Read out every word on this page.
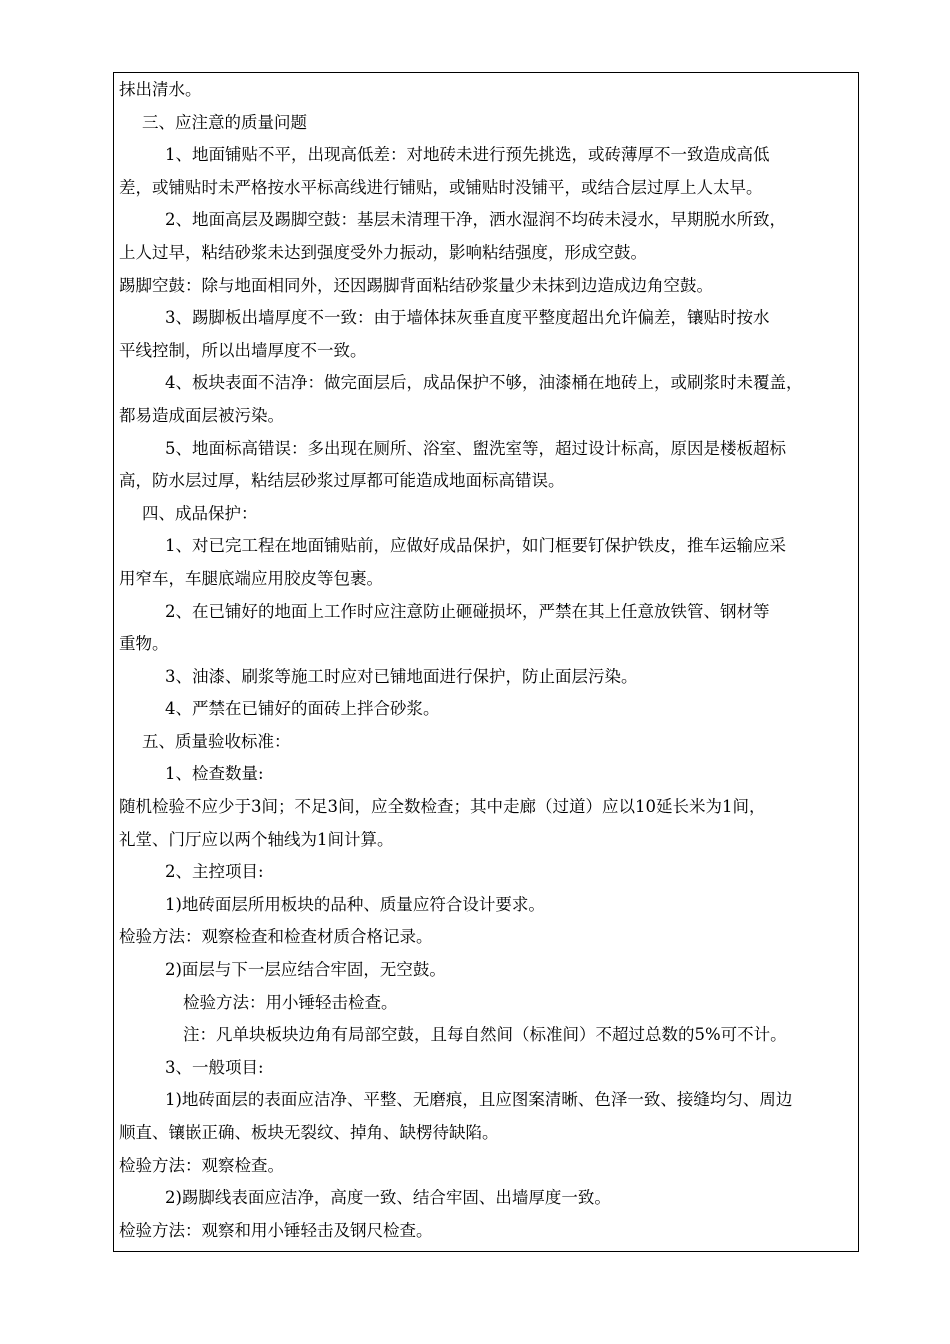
抹出清水。
三、应注意的质量问题
1、地面铺贴不平，出现高低差：对地砖未进行预先挑选，或砖薄厚不一致造成高低
差，或铺贴时未严格按水平标高线进行铺贴，或铺贴时没铺平，或结合层过厚上人太早。
2、地面高层及踢脚空鼓：基层未清理干净，洒水湿润不均砖未浸水，早期脱水所致，
上人过早，粘结砂浆未达到强度受外力振动，影响粘结强度，形成空鼓。
踢脚空鼓：除与地面相同外，还因踢脚背面粘结砂浆量少未抹到边造成边角空鼓。
3、踢脚板出墙厚度不一致：由于墙体抹灰垂直度平整度超出允许偏差，镶贴时按水
平线控制，所以出墙厚度不一致。
4、板块表面不洁净：做完面层后，成品保护不够，油漆桶在地砖上，或刷浆时未覆盖，
都易造成面层被污染。
5、地面标高错误：多出现在厕所、浴室、盥洗室等，超过设计标高，原因是楼板超标
高，防水层过厚，粘结层砂浆过厚都可能造成地面标高错误。
四、成品保护：
1、对已完工程在地面铺贴前，应做好成品保护，如门框要钉保护铁皮，推车运输应采
用窄车，车腿底端应用胶皮等包裹。
2、在已铺好的地面上工作时应注意防止砸碰损坏，严禁在其上任意放铁管、钢材等
重物。
3、油漆、刷浆等施工时应对已铺地面进行保护，防止面层污染。
4、严禁在已铺好的面砖上拌合砂浆。
五、质量验收标准：
1、检查数量:
随机检验不应少于3间；不足3间，应全数检查；其中走廊（过道）应以10延长米为1间，
礼堂、门厅应以两个轴线为1间计算。
2、主控项目:
1)地砖面层所用板块的品种、质量应符合设计要求。
检验方法：观察检查和检查材质合格记录。
2)面层与下一层应结合牢固，无空鼓。
检验方法：用小锤轻击检查。
注：凡单块板块边角有局部空鼓，且每自然间（标准间）不超过总数的5%可不计。
3、一般项目:
1)地砖面层的表面应洁净、平整、无磨痕，且应图案清晰、色泽一致、接缝均匀、周边
顺直、镶嵌正确、板块无裂纹、掉角、缺楞待缺陷。
检验方法：观察检查。
2)踢脚线表面应洁净，高度一致、结合牢固、出墙厚度一致。
检验方法：观察和用小锤轻击及钢尺检查。
